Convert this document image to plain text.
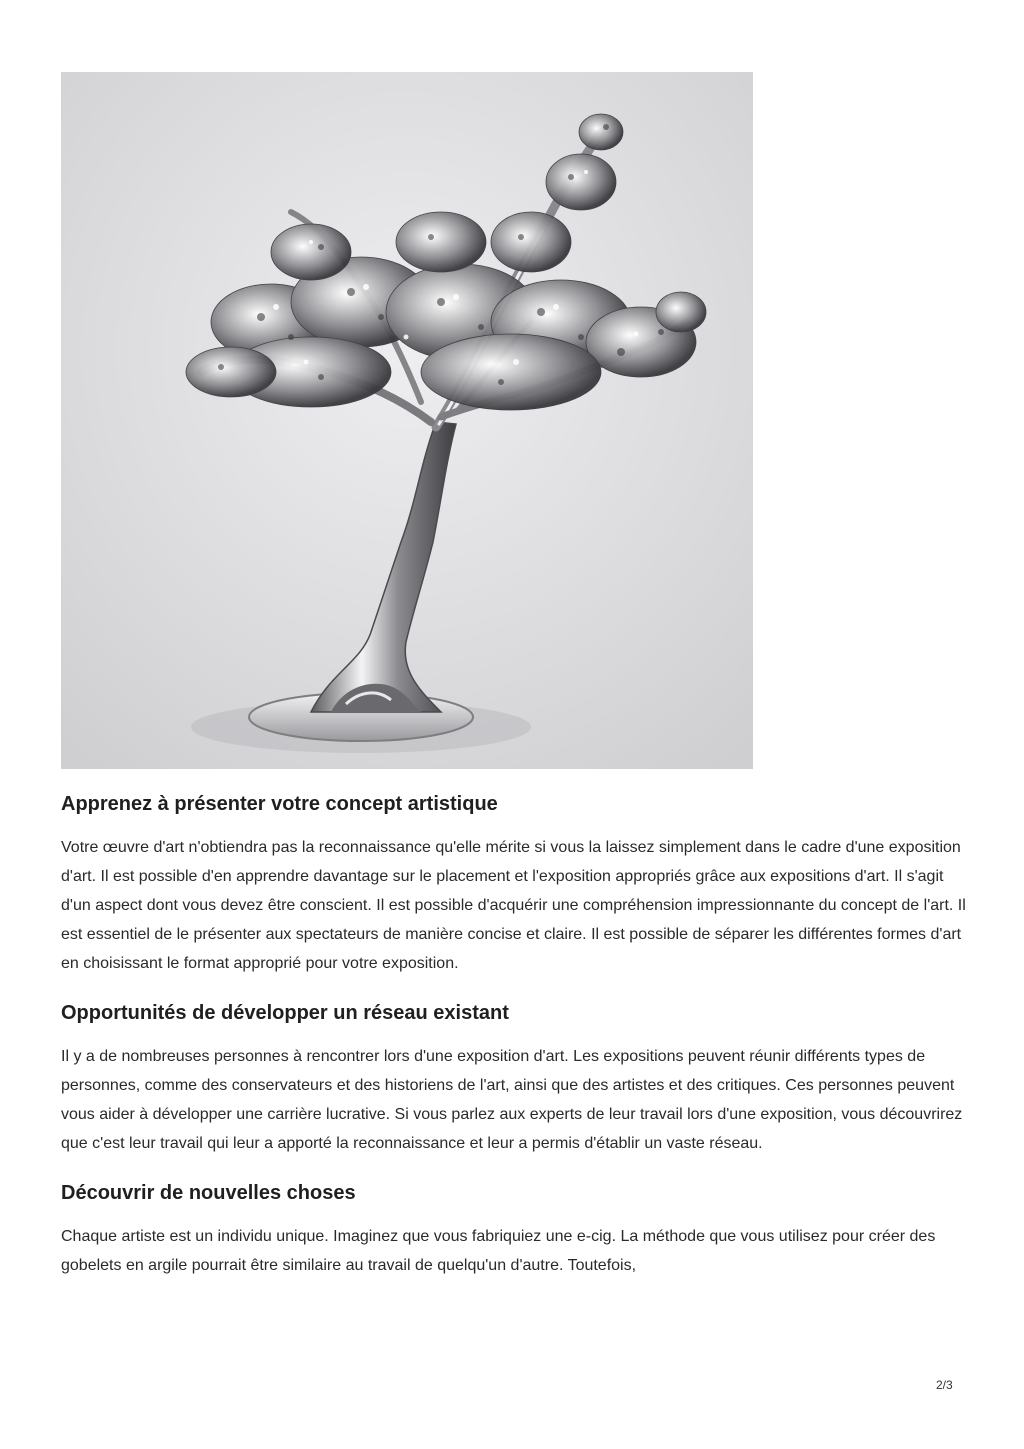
Apprenez à présenter votre concept artistique

Votre œuvre d'art n'obtiendra pas la reconnaissance qu'elle mérite si vous la laissez simplement dans le cadre d'une exposition d'art. Il est possible d'en apprendre davantage sur le placement et l'exposition appropriés grâce aux expositions d'art. Il s'agit d'un aspect dont vous devez être conscient. Il est possible d'acquérir une compréhension impressionnante du concept de l'art. Il est essentiel de le présenter aux spectateurs de manière concise et claire. Il est possible de séparer les différentes formes d'art en choisissant le format approprié pour votre exposition.

Opportunités de développer un réseau existant

Il y a de nombreuses personnes à rencontrer lors d'une exposition d'art. Les expositions peuvent réunir différents types de personnes, comme des conservateurs et des historiens de l'art, ainsi que des artistes et des critiques. Ces personnes peuvent vous aider à développer une carrière lucrative. Si vous parlez aux experts de leur travail lors d'une exposition, vous découvrirez que c'est leur travail qui leur a apporté la reconnaissance et leur a permis d'établir un vaste réseau.

Découvrir de nouvelles choses

Chaque artiste est un individu unique. Imaginez que vous fabriquiez une e-cig. La méthode que vous utilisez pour créer des gobelets en argile pourrait être similaire au travail de quelqu'un d'autre. Toutefois,

2/3
